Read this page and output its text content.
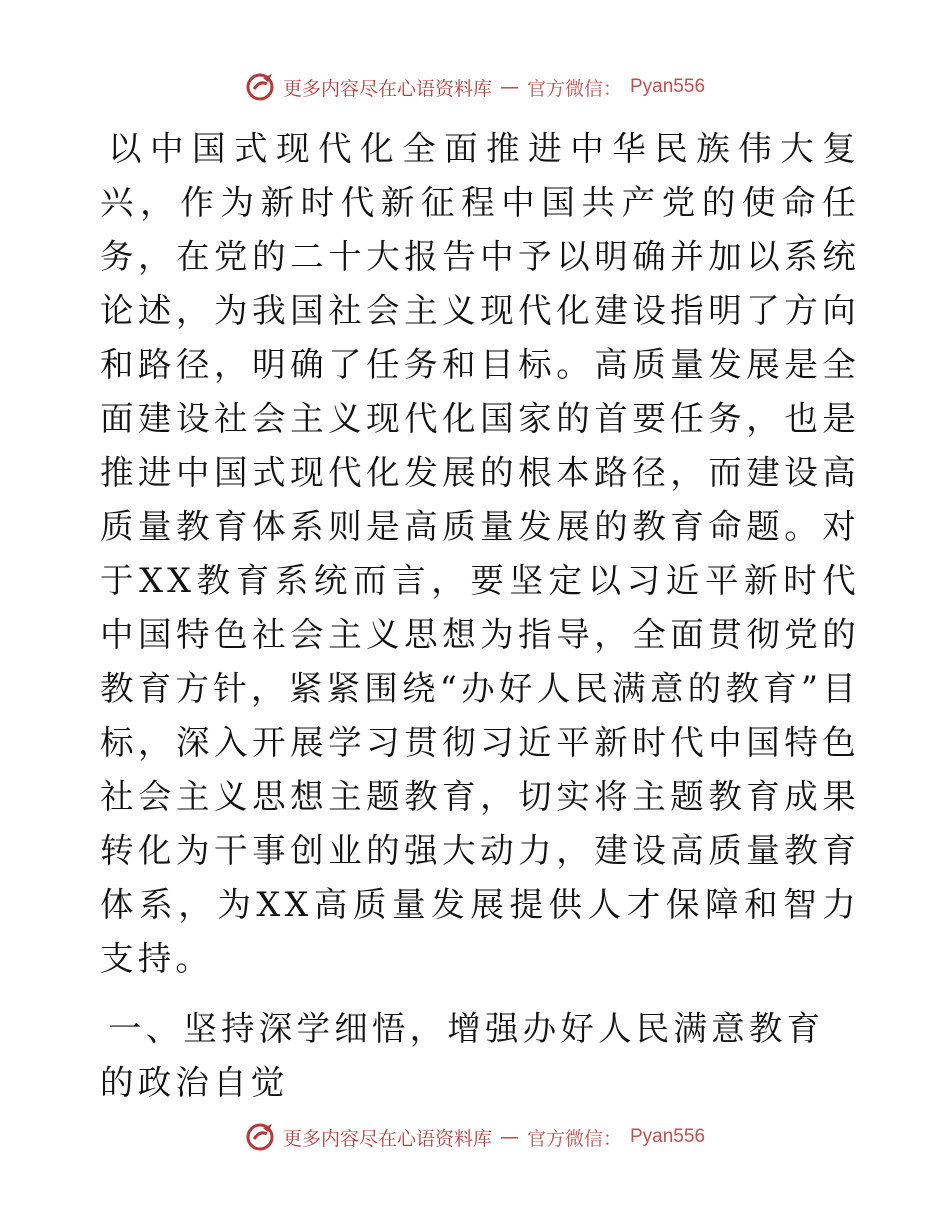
更多内容尽在心语资料库 — 官方微信： Pyan556

以中国式现代化全面推进中华民族伟大复兴，作为新时代新征程中国共产党的使命任务，在党的二十大报告中予以明确并加以系统论述，为我国社会主义现代化建设指明了方向和路径，明确了任务和目标。高质量发展是全面建设社会主义现代化国家的首要任务，也是推进中国式现代化发展的根本路径，而建设高质量教育体系则是高质量发展的教育命题。对于XX教育系统而言，要坚定以习近平新时代中国特色社会主义思想为指导，全面贯彻党的教育方针，紧紧围绕“办好人民满意的教育”目标，深入开展学习贯彻习近平新时代中国特色社会主义思想主题教育，切实将主题教育成果转化为干事创业的强大动力，建设高质量教育体系，为XX高质量发展提供人才保障和智力支持。

一、坚持深学细悟，增强办好人民满意教育的政治自觉

更多内容尽在心语资料库 — 官方微信： Pyan556
